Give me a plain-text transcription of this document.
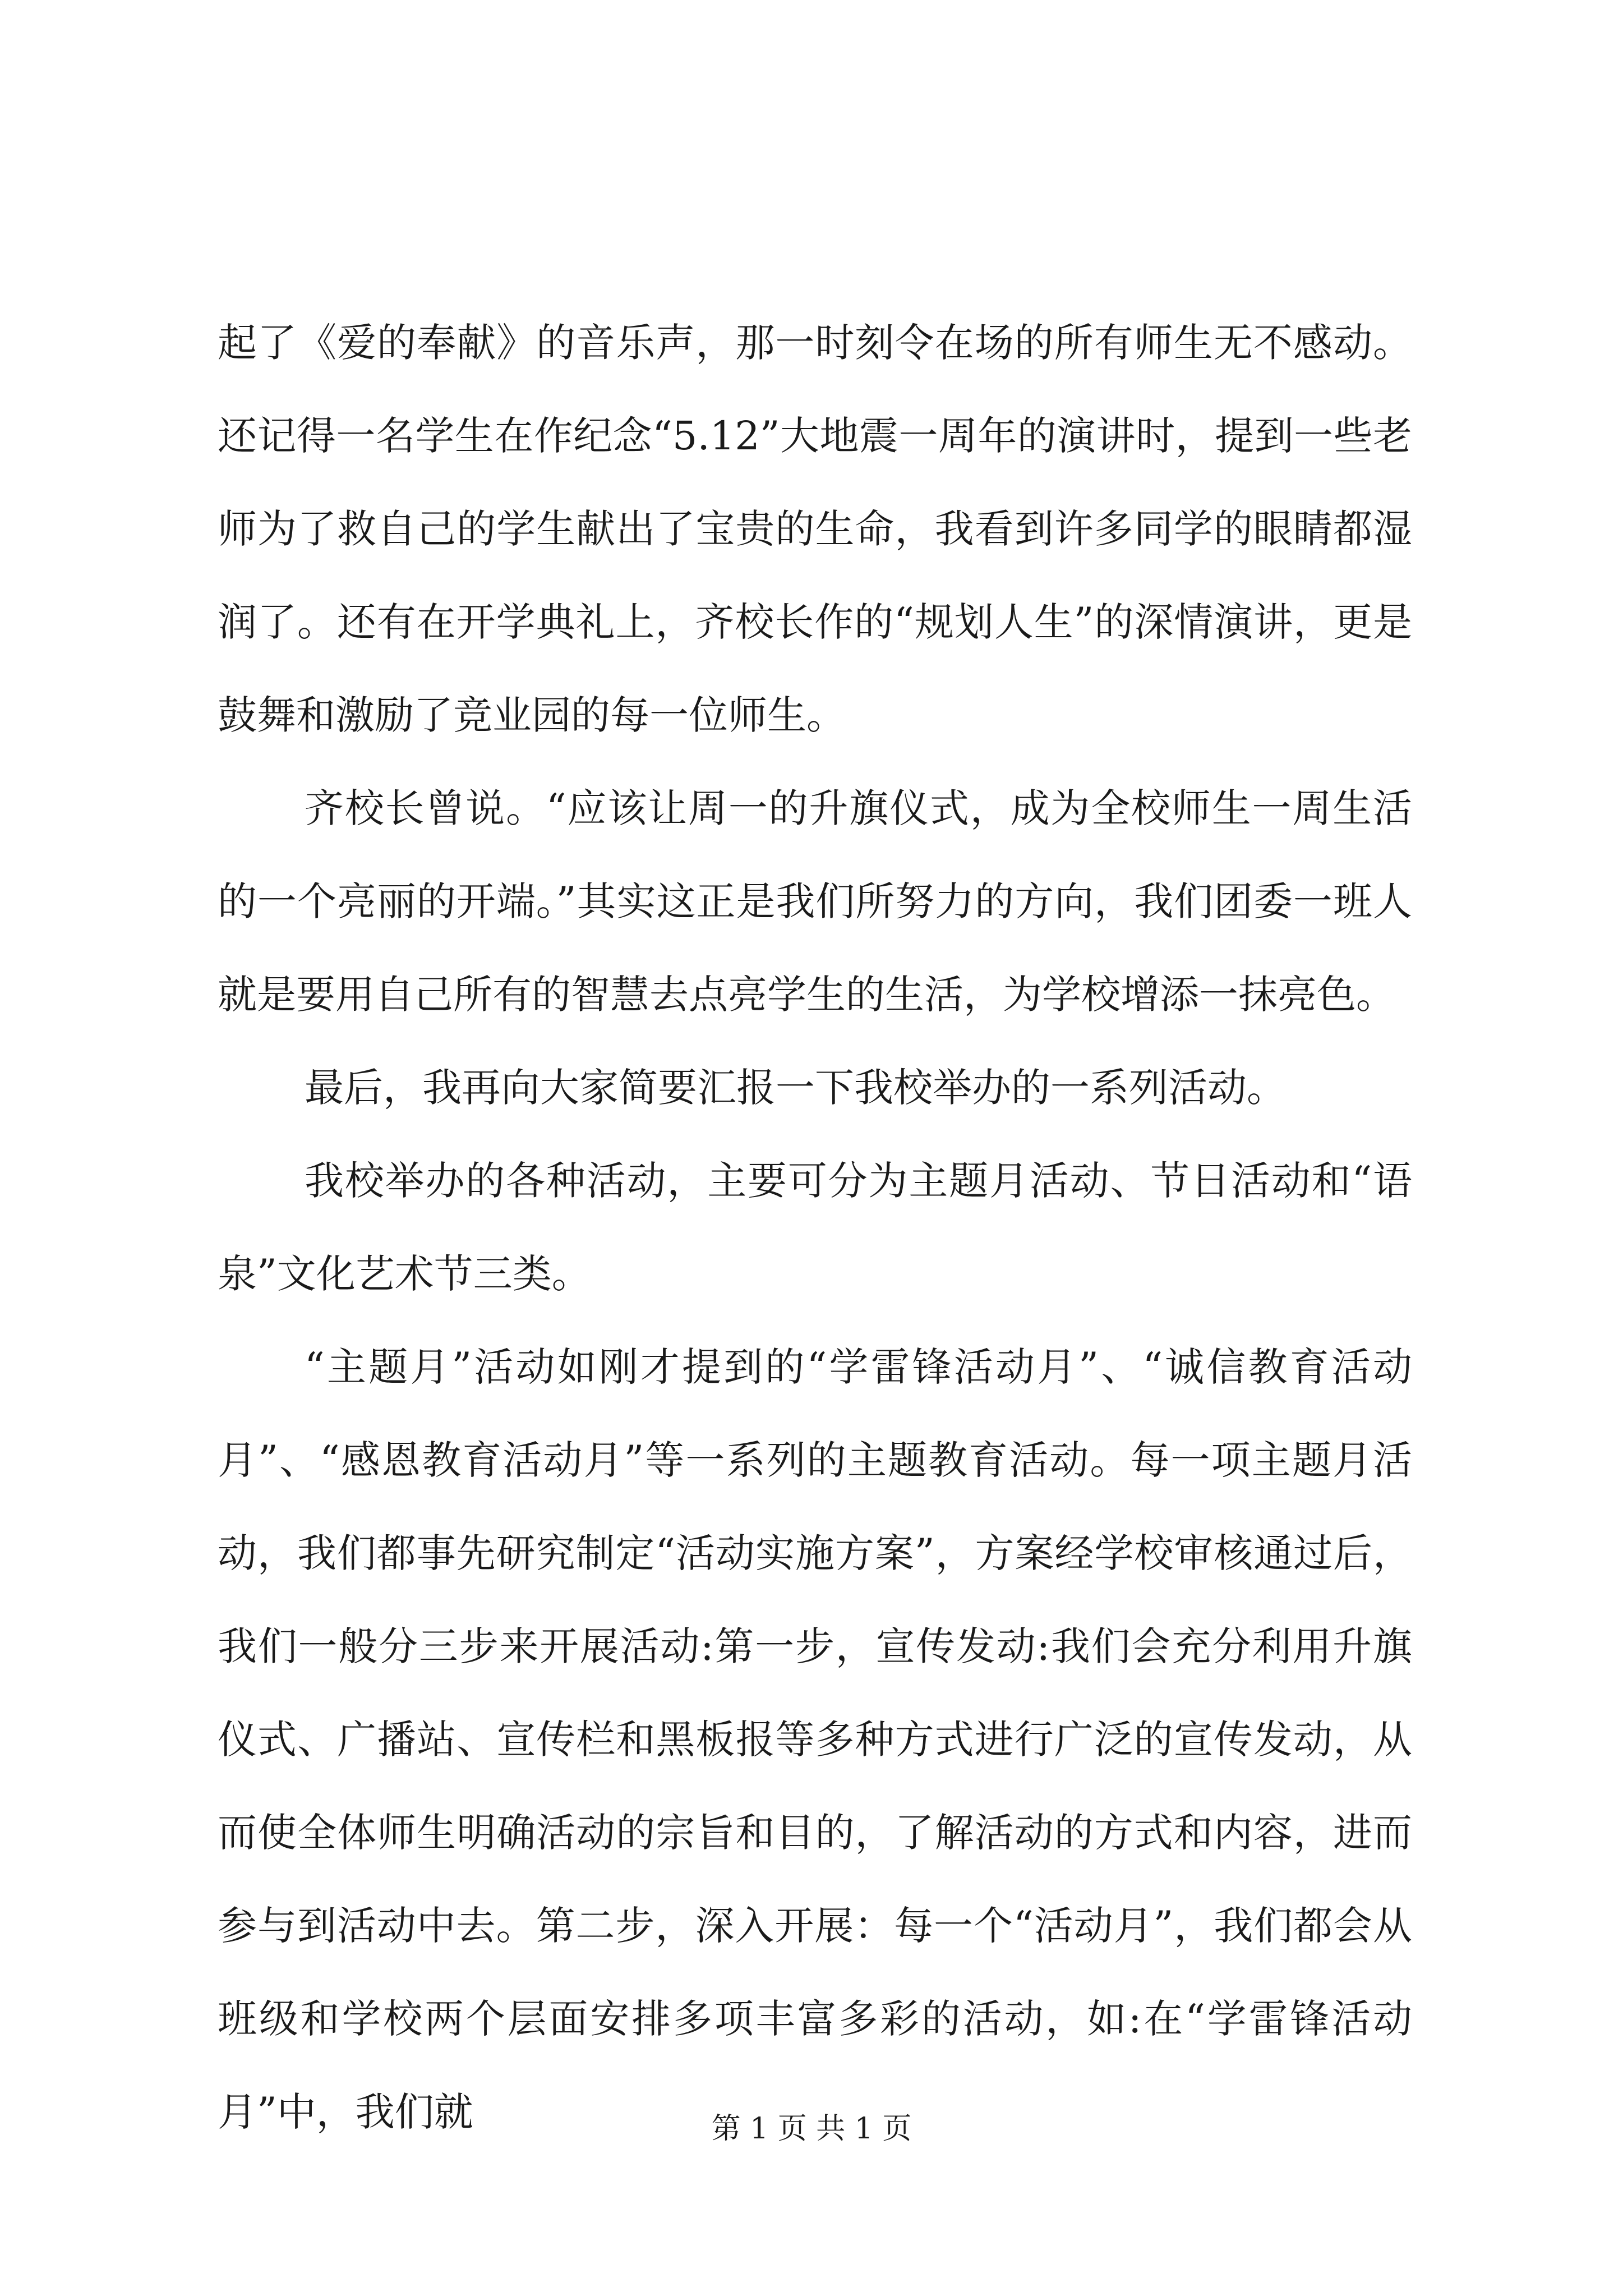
起了《爱的奉献》的音乐声，那一时刻令在场的所有师生无不感动。还记得一名学生在作纪念“5.12”大地震一周年的演讲时，提到一些老师为了救自己的学生献出了宝贵的生命，我看到许多同学的眼睛都湿润了。还有在开学典礼上，齐校长作的“规划人生”的深情演讲，更是鼓舞和激励了竞业园的每一位师生。

齐校长曾说。“应该让周一的升旗仪式，成为全校师生一周生活的一个亮丽的开端。”其实这正是我们所努力的方向，我们团委一班人就是要用自己所有的智慧去点亮学生的生活，为学校增添一抹亮色。

最后，我再向大家简要汇报一下我校举办的一系列活动。

我校举办的各种活动，主要可分为主题月活动、节日活动和“语泉”文化艺术节三类。

“主题月”活动如刚才提到的“学雷锋活动月”、“诚信教育活动月”、“感恩教育活动月”等一系列的主题教育活动。每一项主题月活动，我们都事先研究制定“活动实施方案”，方案经学校审核通过后，我们一般分三步来开展活动:第一步，宣传发动:我们会充分利用升旗仪式、广播站、宣传栏和黑板报等多种方式进行广泛的宣传发动，从而使全体师生明确活动的宗旨和目的，了解活动的方式和内容，进而参与到活动中去。第二步，深入开展：每一个“活动月”，我们都会从班级和学校两个层面安排多项丰富多彩的活动，如:在“学雷锋活动月”中，我们就	第 1 页 共 1 页
